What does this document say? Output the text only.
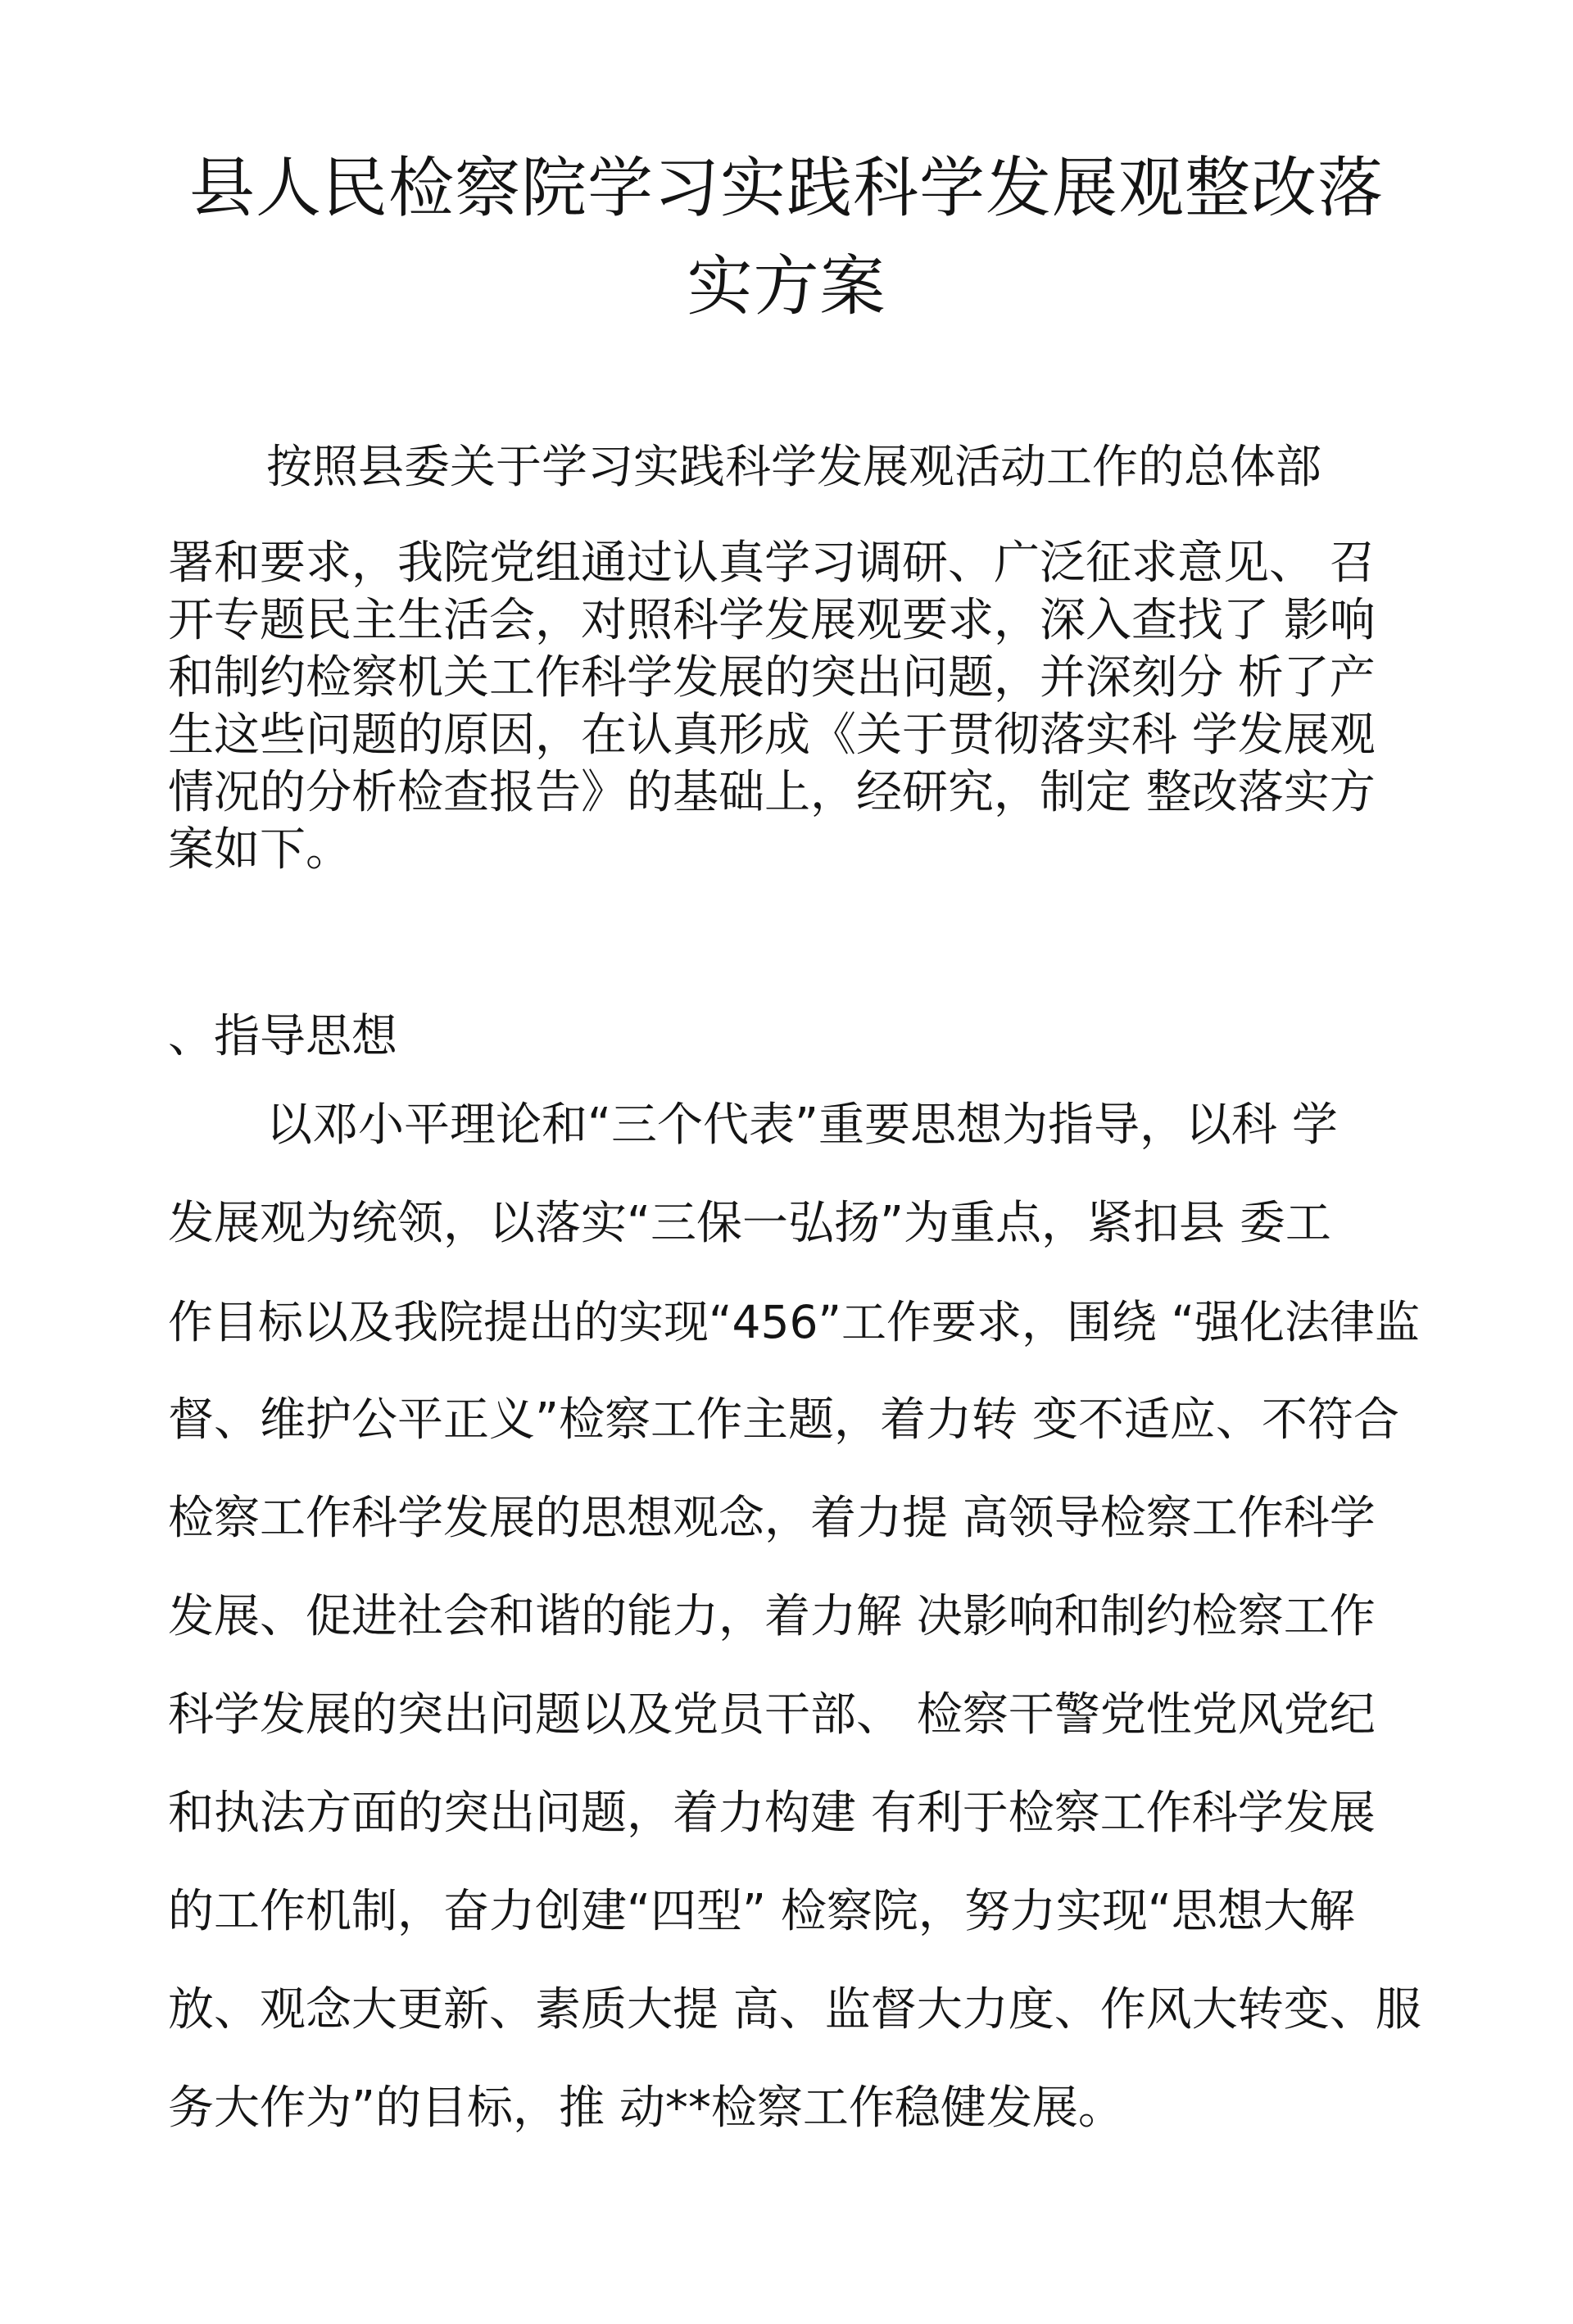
县人民检察院学习实践科学发展观整改落
实方案
按照县委关于学习实践科学发展观活动工作的总体部
署和要求，我院党组通过认真学习调研、广泛征求意见、 召
开专题民主生活会，对照科学发展观要求，深入查找了 影响
和制约检察机关工作科学发展的突出问题，并深刻分 析了产
生这些问题的原因，在认真形成《关于贯彻落实科 学发展观
情况的分析检查报告》的基础上，经研究，制定 整改落实方
案如下。
、指导思想
以邓小平理论和“三个代表”重要思想为指导，以科 学
发展观为统领，以落实“三保一弘扬”为重点，紧扣县 委工
作目标以及我院提出的实现“456”工作要求，围绕 “强化法律监
督、维护公平正义”检察工作主题，着力转 变不适应、不符合
检察工作科学发展的思想观念，着力提 高领导检察工作科学
发展、促进社会和谐的能力，着力解 决影响和制约检察工作
科学发展的突出问题以及党员干部、 检察干警党性党风党纪
和执法方面的突出问题，着力构建 有利于检察工作科学发展
的工作机制，奋力创建“四型” 检察院，努力实现“思想大解
放、观念大更新、素质大提 高、监督大力度、作风大转变、服
务大作为”的目标，推 动**检察工作稳健发展。
